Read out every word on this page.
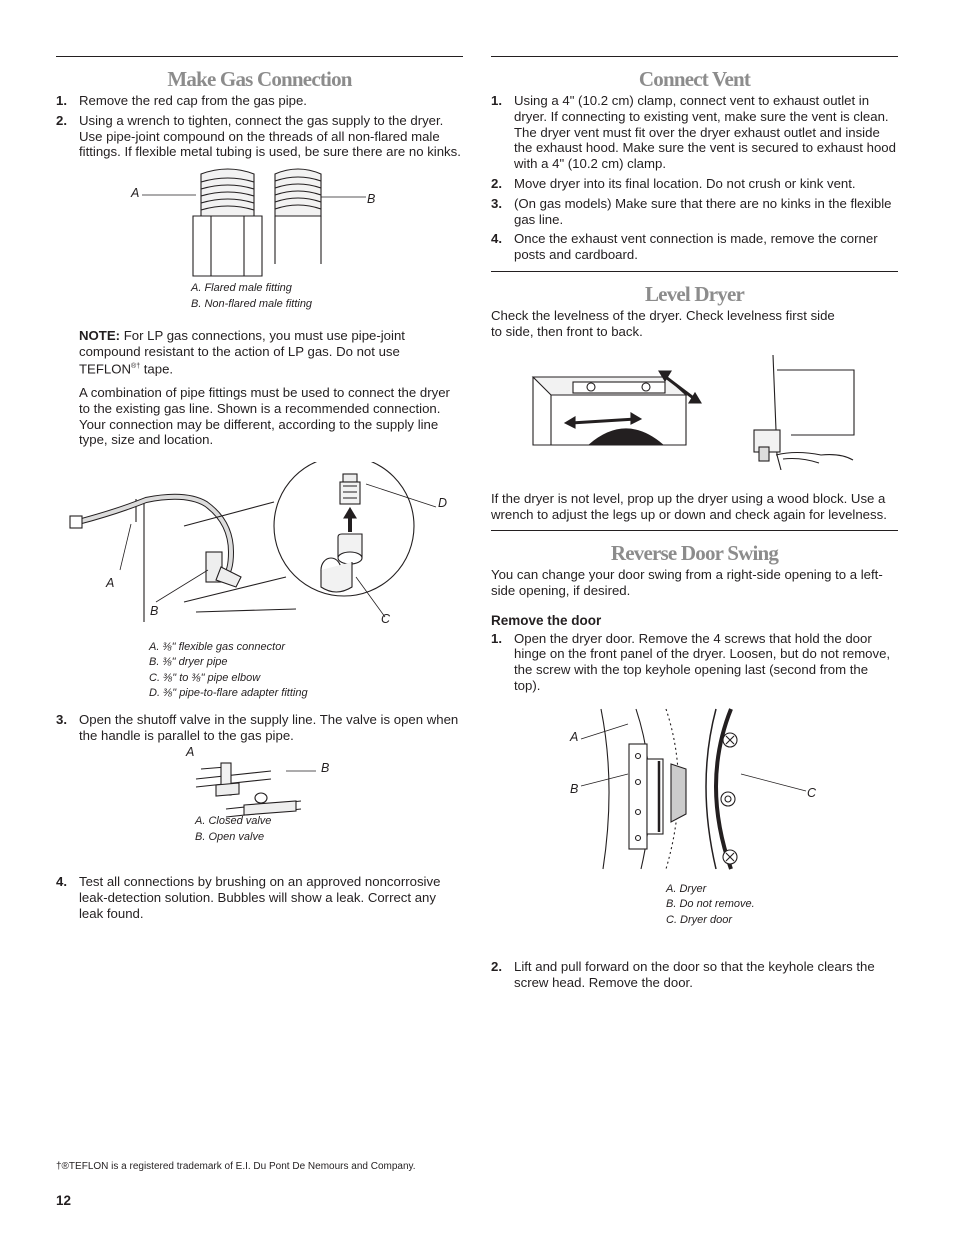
Make Gas Connection
1. Remove the red cap from the gas pipe.
2. Using a wrench to tighten, connect the gas supply to the dryer. Use pipe-joint compound on the threads of all non-flared male fittings. If flexible metal tubing is used, be sure there are no kinks.
A	B
A. Flared male fitting
B. Non-flared male fitting

NOTE: For LP gas connections, you must use pipe-joint compound resistant to the action of LP gas. Do not use TEFLON®† tape.

A combination of pipe fittings must be used to connect the dryer to the existing gas line. Shown is a recommended connection. Your connection may be different, according to the supply line type, size and location.

A
B
C
D
A. ⅜" flexible gas connector
B. ⅜" dryer pipe
C. ⅜" to ⅜" pipe elbow
D. ⅜" pipe-to-flare adapter fitting
3. Open the shutoff valve in the supply line. The valve is open when the handle is parallel to the gas pipe.
A
B
A. Closed valve
B. Open valve
4. Test all connections by brushing on an approved noncorrosive leak-detection solution. Bubbles will show a leak. Correct any leak found.
Connect Vent
1. Using a 4" (10.2 cm) clamp, connect vent to exhaust outlet in dryer. If connecting to existing vent, make sure the vent is clean. The dryer vent must fit over the dryer exhaust outlet and inside the exhaust hood. Make sure the vent is secured to exhaust hood with a 4" (10.2 cm) clamp.
2. Move dryer into its final location. Do not crush or kink vent.
3. (On gas models) Make sure that there are no kinks in the flexible gas line.
4. Once the exhaust vent connection is made, remove the corner posts and cardboard.
Level Dryer

Check the levelness of the dryer. Check levelness first side to side, then front to back.

If the dryer is not level, prop up the dryer using a wood block. Use a wrench to adjust the legs up or down and check again for levelness.

Reverse Door Swing

You can change your door swing from a right-side opening to a left-side opening, if desired.

Remove the door
1. Open the dryer door. Remove the 4 screws that hold the door hinge on the front panel of the dryer. Loosen, but do not remove, the screw with the top keyhole opening last (second from the top).
A
B	C
A. Dryer
B. Do not remove.
C. Dryer door
2. Lift and pull forward on the door so that the keyhole clears the screw head. Remove the door.
†®TEFLON is a registered trademark of E.I. Du Pont De Nemours and Company.
12
